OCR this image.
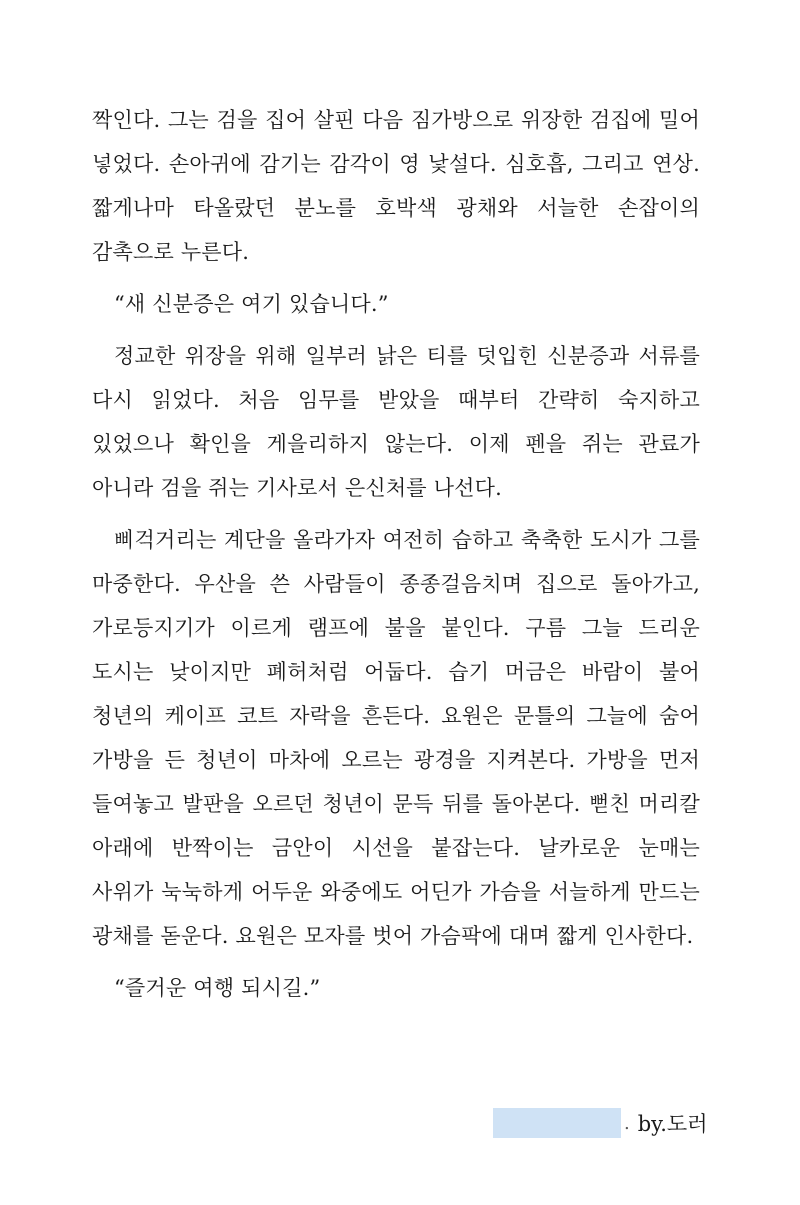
짝인다. 그는 검을 집어 살핀 다음 짐가방으로 위장한 검집에 밀어 넣었다. 손아귀에 감기는 감각이 영 낯설다. 심호흡, 그리고 연상. 짧게나마 타올랐던 분노를 호박색 광채와 서늘한 손잡이의 감촉으로 누른다.

“새 신분증은 여기 있습니다.”

정교한 위장을 위해 일부러 낡은 티를 덧입힌 신분증과 서류를 다시 읽었다. 처음 임무를 받았을 때부터 간략히 숙지하고 있었으나 확인을 게을리하지 않는다. 이제 펜을 쥐는 관료가 아니라 검을 쥐는 기사로서 은신처를 나선다.

삐걱거리는 계단을 올라가자 여전히 습하고 축축한 도시가 그를 마중한다. 우산을 쓴 사람들이 종종걸음치며 집으로 돌아가고, 가로등지기가 이르게 램프에 불을 붙인다. 구름 그늘 드리운 도시는 낮이지만 폐허처럼 어둡다. 습기 머금은 바람이 불어 청년의 케이프 코트 자락을 흔든다. 요원은 문틀의 그늘에 숨어 가방을 든 청년이 마차에 오르는 광경을 지켜본다. 가방을 먼저 들여놓고 발판을 오르던 청년이 문득 뒤를 돌아본다. 뻗친 머리칼 아래에 반짝이는 금안이 시선을 붙잡는다. 날카로운 눈매는 사위가 눅눅하게 어두운 와중에도 어딘가 가슴을 서늘하게 만드는 광채를 돋운다. 요원은 모자를 벗어 가슴팍에 대며 짧게 인사한다.

“즐거운 여행 되시길.”

. by.도러
